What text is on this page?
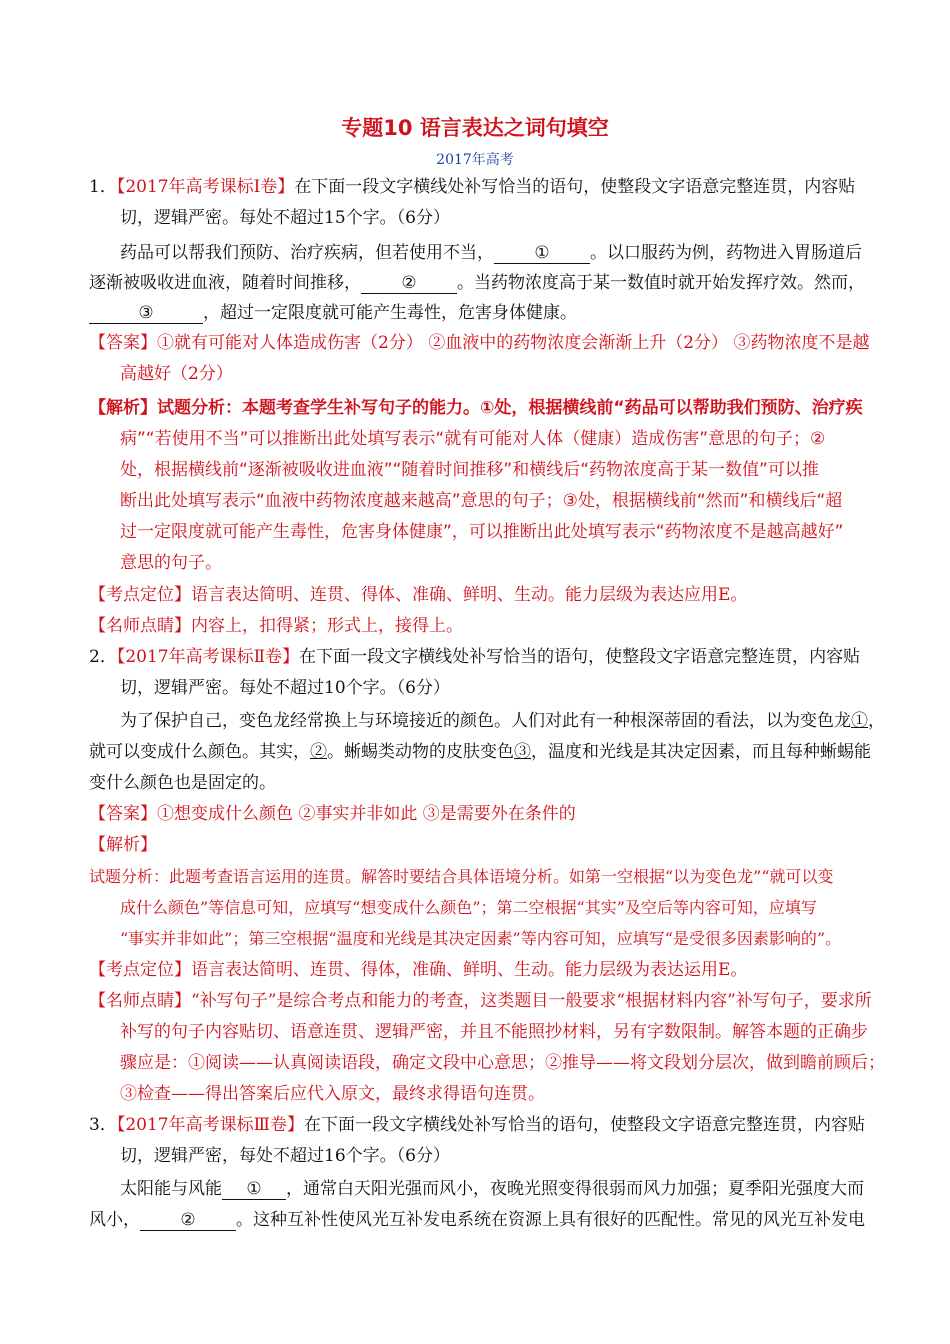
专题10 语言表达之词句填空
2017年高考
1．【2017年高考课标Ⅰ卷】在下面一段文字横线处补写恰当的语句，使整段文字语意完整连贯，内容贴
切，逻辑严密。每处不超过15个字。（6分）
药品可以帮我们预防、治疗疾病，但若使用不当， ① 。以口服药为例，药物进入胃肠道后
逐渐被吸收进血液，随着时间推移， ② 。当药物浓度高于某一数值时就开始发挥疗效。然而，
③	，超过一定限度就可能产生毒性，危害身体健康。
【答案】①就有可能对人体造成伤害（2分） ②血液中的药物浓度会渐渐上升（2分） ③药物浓度不是越
高越好（2分）
【解析】试题分析：本题考查学生补写句子的能力。①处，根据横线前“药品可以帮助我们预防、治疗疾
病”“若使用不当”可以推断出此处填写表示“就有可能对人体（健康）造成伤害”意思的句子；②
处，根据横线前“逐渐被吸收进血液”“随着时间推移”和横线后“药物浓度高于某一数值”可以推
断出此处填写表示“血液中药物浓度越来越高”意思的句子；③处，根据横线前“然而”和横线后“超
过一定限度就可能产生毒性，危害身体健康”，可以推断出此处填写表示“药物浓度不是越高越好”
意思的句子。
【考点定位】语言表达简明、连贯、得体、准确、鲜明、生动。能力层级为表达应用E。
【名师点睛】内容上，扣得紧；形式上，接得上。
2．【2017年高考课标Ⅱ卷】在下面一段文字横线处补写恰当的语句，使整段文字语意完整连贯，内容贴
切，逻辑严密。每处不超过10个字。（6分）
为了保护自己，变色龙经常换上与环境接近的颜色。人们对此有一种根深蒂固的看法，以为变色龙①，
就可以变成什么颜色。其实，②。蜥蜴类动物的皮肤变色③，温度和光线是其决定因素，而且每种蜥蜴能
变什么颜色也是固定的。
【答案】①想变成什么颜色 ②事实并非如此 ③是需要外在条件的
【解析】
试题分析：此题考查语言运用的连贯。解答时要结合具体语境分析。如第一空根据“以为变色龙”“就可以变
成什么颜色”等信息可知，应填写“想变成什么颜色”；第二空根据“其实”及空后等内容可知，应填写
“事实并非如此”；第三空根据“温度和光线是其决定因素”等内容可知，应填写“是受很多因素影响的”。
【考点定位】语言表达简明、连贯、得体，准确、鲜明、生动。能力层级为表达运用E。
【名师点睛】“补写句子”是综合考点和能力的考查，这类题目一般要求“根据材料内容”补写句子，要求所
补写的句子内容贴切、语意连贯、逻辑严密，并且不能照抄材料，另有字数限制。解答本题的正确步
骤应是：①阅读——认真阅读语段，确定文段中心意思；②推导——将文段划分层次，做到瞻前顾后；
③检查——得出答案后应代入原文，最终求得语句连贯。
3．【2017年高考课标Ⅲ卷】在下面一段文字横线处补写恰当的语句，使整段文字语意完整连贯，内容贴
切，逻辑严密，每处不超过16个字。（6分）
太阳能与风能 ① ，通常白天阳光强而风小，夜晚光照变得很弱而风力加强；夏季阳光强度大而
风小， ② 。这种互补性使风光互补发电系统在资源上具有很好的匹配性。常见的风光互补发电
